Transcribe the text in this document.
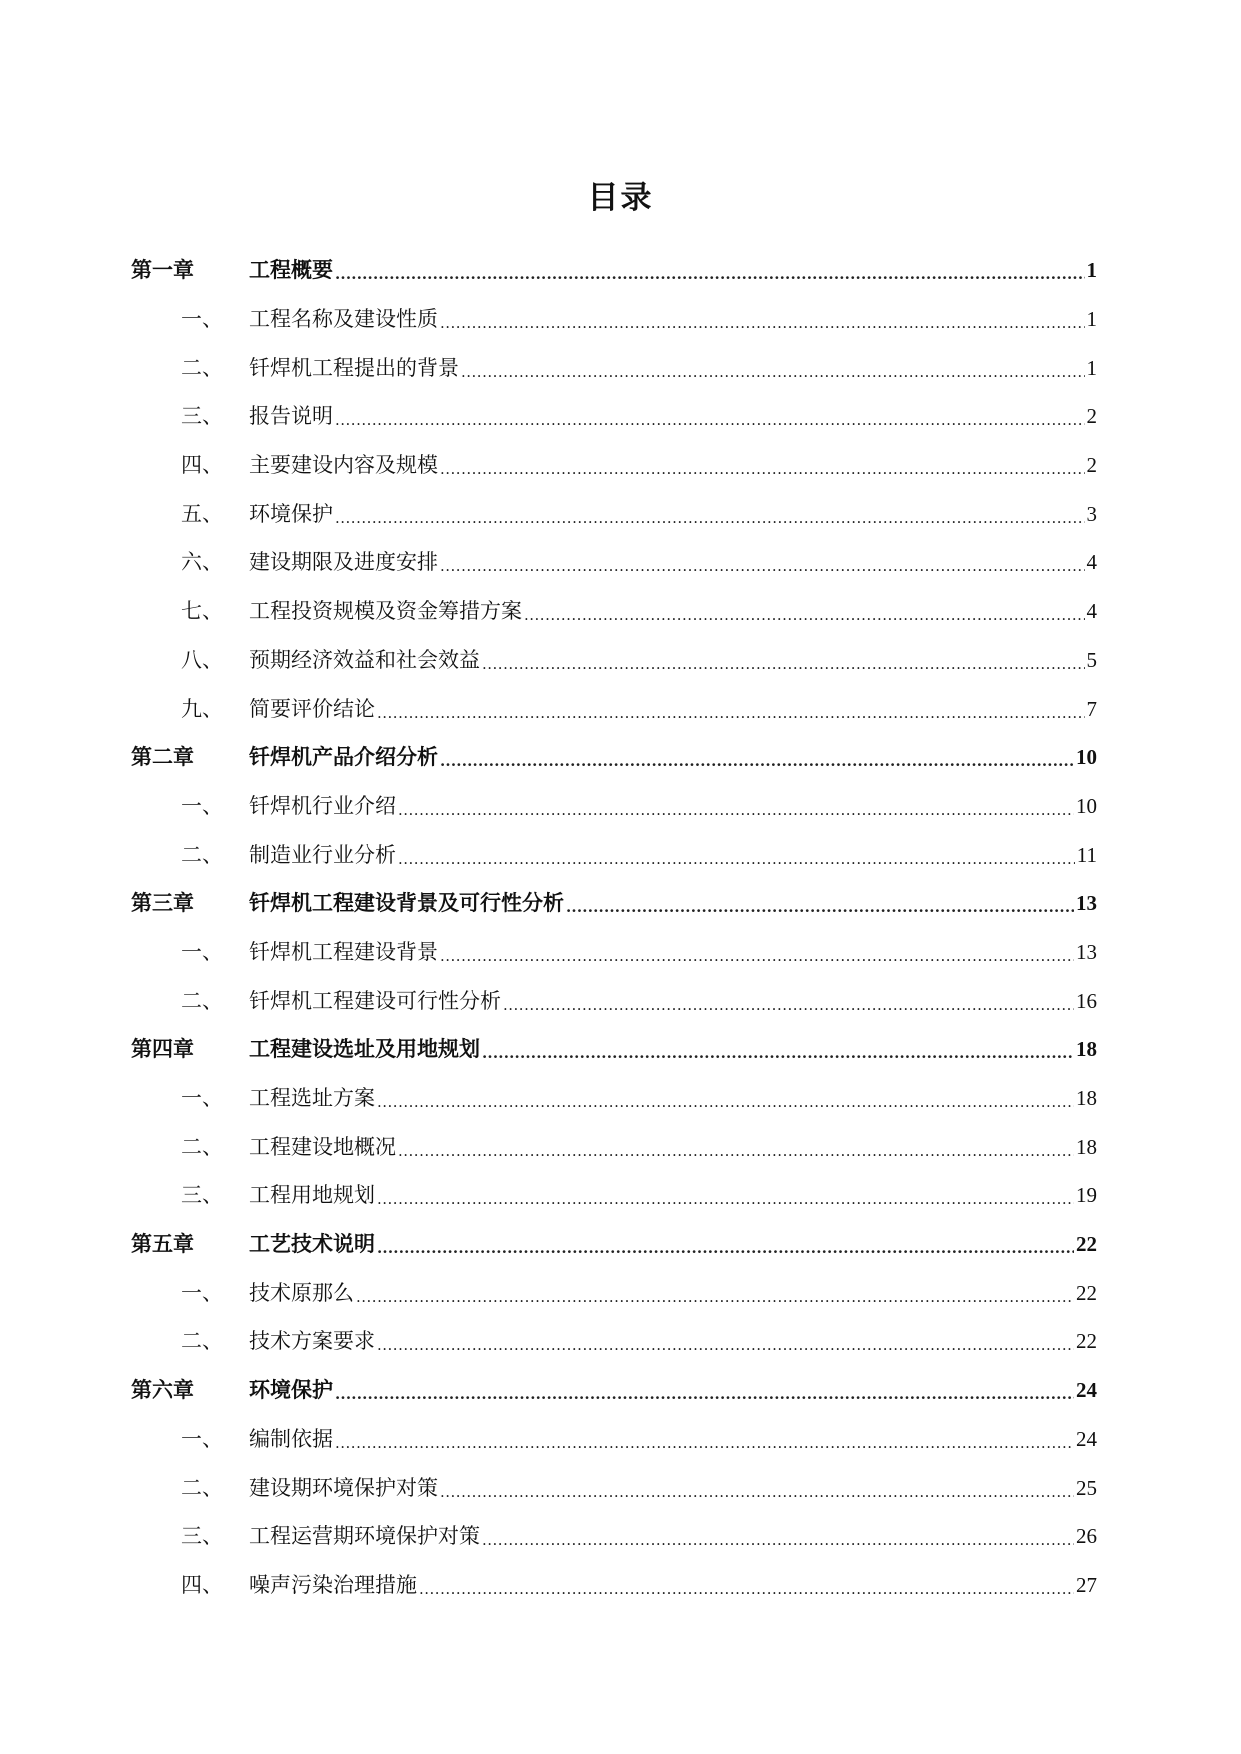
目录
第一章	工程概要 .....	1
一、	工程名称及建设性质 .....	1
二、	钎焊机工程提出的背景 .....	1
三、	报告说明 .....	2
四、	主要建设内容及规模 .....	2
五、	环境保护 .....	3
六、	建设期限及进度安排 .....	4
七、	工程投资规模及资金筹措方案 .....	4
八、	预期经济效益和社会效益 .....	5
九、	简要评价结论 .....	7
第二章	钎焊机产品介绍分析 .....	10
一、	钎焊机行业介绍 .....	10
二、	制造业行业分析 .....	11
第三章	钎焊机工程建设背景及可行性分析 .....	13
一、	钎焊机工程建设背景 .....	13
二、	钎焊机工程建设可行性分析 .....	16
第四章	工程建设选址及用地规划 .....	18
一、	工程选址方案 .....	18
二、	工程建设地概况 .....	18
三、	工程用地规划 .....	19
第五章	工艺技术说明 .....	22
一、	技术原那么 .....	22
二、	技术方案要求 .....	22
第六章	环境保护 .....	24
一、	编制依据 .....	24
二、	建设期环境保护对策 .....	25
三、	工程运营期环境保护对策 .....	26
四、	噪声污染治理措施 .....	27
